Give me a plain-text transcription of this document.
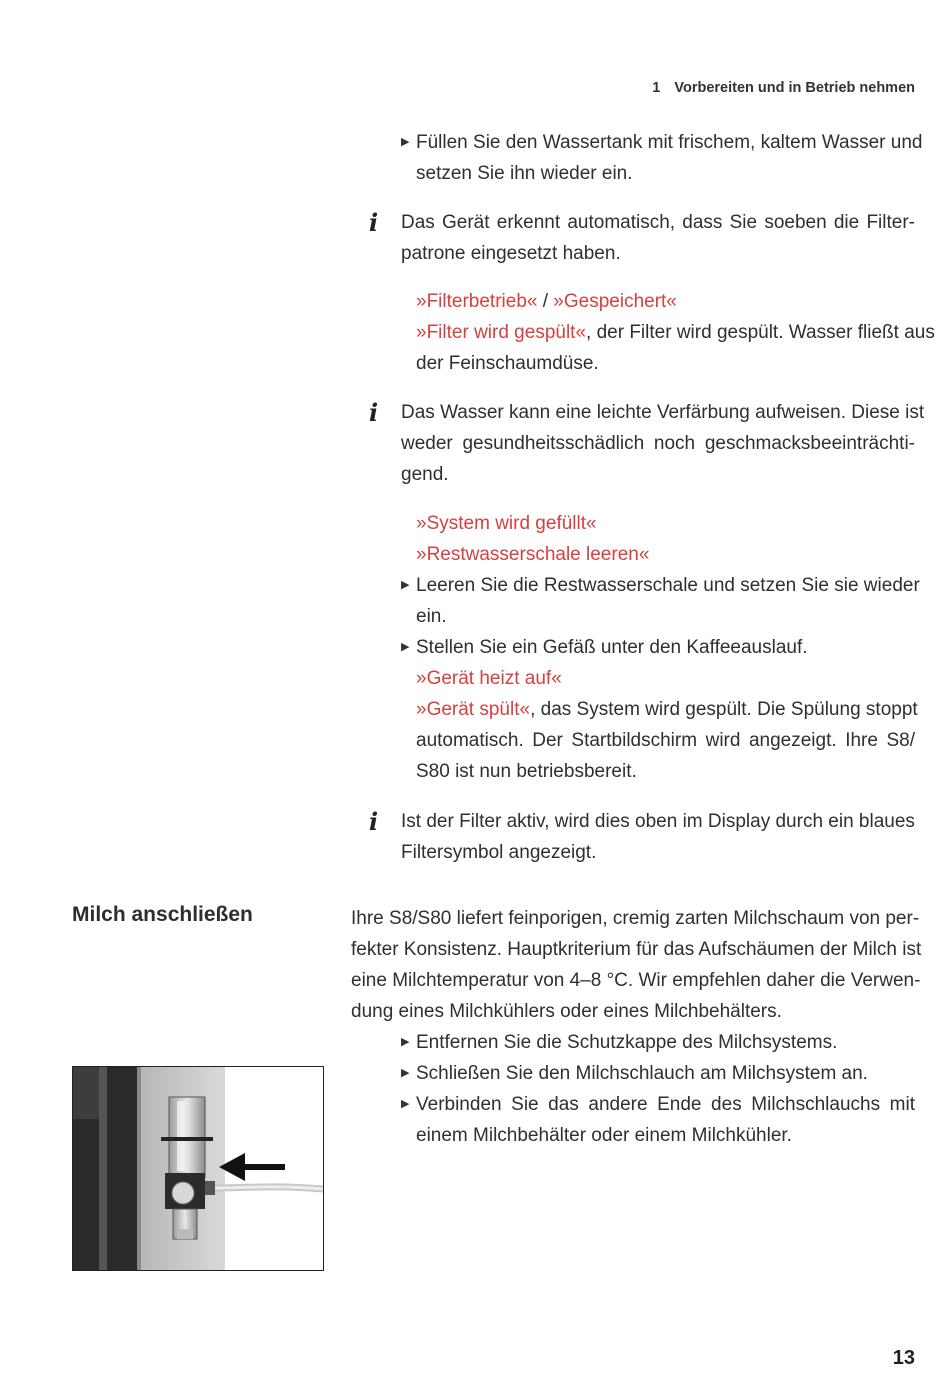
1 Vorbereiten und in Betrieb nehmen
▶ Füllen Sie den Wassertank mit frischem, kaltem Wasser und
setzen Sie ihn wieder ein.
i Das Gerät erkennt automatisch, dass Sie soeben die Filter-
patrone eingesetzt haben.
»Filterbetrieb« / »Gespeichert«
»Filter wird gespült«, der Filter wird gespült. Wasser fließt aus
der Feinschaumdüse.
i Das Wasser kann eine leichte Verfärbung aufweisen. Diese ist
weder gesundheitsschädlich noch geschmacksbeeinträchti-
gend.
»System wird gefüllt«
»Restwasserschale leeren«
▶ Leeren Sie die Restwasserschale und setzen Sie sie wieder
ein.
▶ Stellen Sie ein Gefäß unter den Kaffeeauslauf.
»Gerät heizt auf«
»Gerät spült«, das System wird gespült. Die Spülung stoppt
automatisch. Der Startbildschirm wird angezeigt. Ihre S8/
S80 ist nun betriebsbereit.
i Ist der Filter aktiv, wird dies oben im Display durch ein blaues
Filtersymbol angezeigt.
Milch anschließen	Ihre S8/S80 liefert feinporigen, cremig zarten Milchschaum von per-
fekter Konsistenz. Hauptkriterium für das Aufschäumen der Milch ist
eine Milchtemperatur von 4–8 °C. Wir empfehlen daher die Verwen-
dung eines Milchkühlers oder eines Milchbehälters.
▶ Entfernen Sie die Schutzkappe des Milchsystems.
▶ Schließen Sie den Milchschlauch am Milchsystem an.
▶ Verbinden Sie das andere Ende des Milchschlauchs mit
einem Milchbehälter oder einem Milchkühler.
13
